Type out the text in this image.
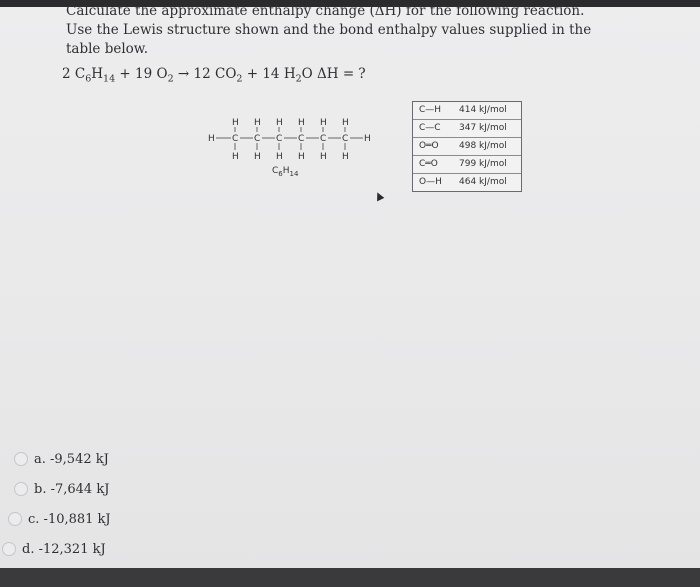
Calculate the approximate enthalpy change (ΔH) for the following reaction.

Use the Lewis structure shown and the bond enthalpy values supplied in the

table below.

2 $C_6H_{14} + 19$ $O_2 \to 12$ $CO_2 + 14$ $H_2O$ ΔH = ?
H H H H H H
H C C C C C C H
H H H H H H
$C_6H_{14}$
C—H	414 kJ/mol
C—C	347 kJ/mol
O═O	498 kJ/mol
C═O	799 kJ/mol
O—H	464 kJ/mol
a. -9,542 kJ
b. -7,644 kJ
c. -10,881 kJ
d. -12,321 kJ
